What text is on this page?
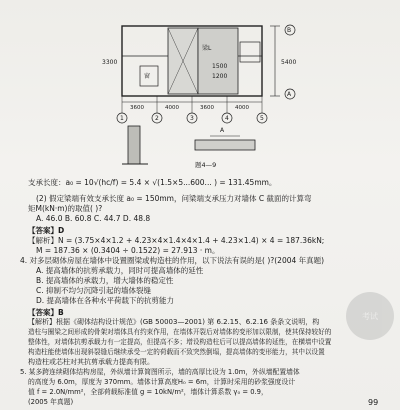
1500
1200
窗
梁L
5400
B
A
1	2	3	4	5
3600	4000	3600	4000
3300
A
题4—9
支承长度：a₀ = 10√(hc/f) = 5.4 × √(1.5×5...600... ) = 131.45mm。
(2) 假定梁端有效支承长度 a₀ = 150mm，问梁端支承压力对墙体 C 截面的计算弯
矩M(kN·m)的取值( )?
A. 46.0 B. 60.8 C. 44.7 D. 48.8
【答案】D
【解析】N = (3.75×4×1.2 + 4.23×4×1.4×4×1.4 + 4.23×1.4) × 4 = 187.36kN;
M = 187.36 × (0.3404 ÷ 0.1522) = 27.913 · m。
4. 对多层砌体房屋在墙体中设置圈梁或构造柱的作用，以下说法有误的是( )?(2004 年真题)
A. 提高墙体的抗剪承载力，同时可提高墙体的延性
B. 提高墙体的承载力，增大墙体的稳定性
C. 抑制不均匀沉降引起的墙体裂缝
D. 提高墙体在各种水平荷载下的抗剪能力
【答案】B
【解析】根据《砌体结构设计规范》(GB 50003—2001) 第 6.2.15、6.2.16 条条文说明，构
造柱与圈梁之间形成的骨架对墙体具有约束作用，在墙体开裂后对墙体的变形加以限制，使其保持较好的
整体性，对墙体抗剪承载力有一定提高，但提高不多；增设构造柱后可以提高墙体的延性，在横墙中设置
构造柱能使墙体出现斜裂缝后继续承受一定的荷载而不致突然倒塌，提高墙体的变形能力，其中以设置
构造柱或芯柱对其抗剪承载力提高有限。
5. 某多跨连续砌体结构房屋，外纵墙计算简图所示，墙的高厚比设为 1.0m，外纵墙配置墙体
的高度为 6.0m，厚度为 370mm。墙体计算高度H₀ = 6m，计算时采用的砂浆强度设计
值 f = 2.0N/mm²，全部荷载标准值 g = 10kN/m²，墙体计算系数 γ₀ = 0.9，
(2005 年真题)
考试
99
